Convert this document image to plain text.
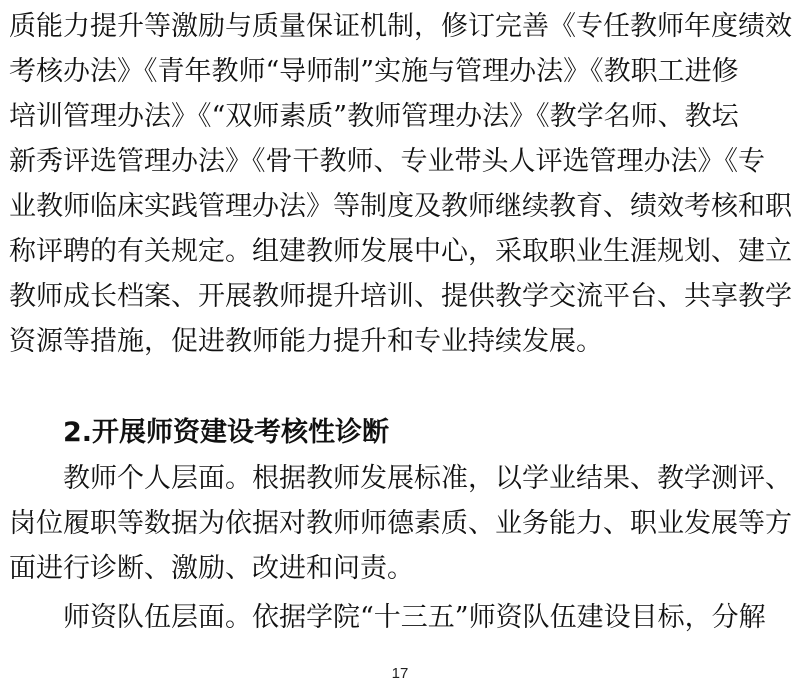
质能力提升等激励与质量保证机制，修订完善《专任教师年度绩效
考核办法》《青年教师“导师制”实施与管理办法》《教职工进修
培训管理办法》《“双师素质”教师管理办法》《教学名师、教坛
新秀评选管理办法》《骨干教师、专业带头人评选管理办法》《专
业教师临床实践管理办法》等制度及教师继续教育、绩效考核和职
称评聘的有关规定。组建教师发展中心，采取职业生涯规划、建立
教师成长档案、开展教师提升培训、提供教学交流平台、共享教学
资源等措施，促进教师能力提升和专业持续发展。
2.开展师资建设考核性诊断
教师个人层面。根据教师发展标准，以学业结果、教学测评、
岗位履职等数据为依据对教师师德素质、业务能力、职业发展等方
面进行诊断、激励、改进和问责。
师资队伍层面。依据学院“十三五”师资队伍建设目标，分解
17
